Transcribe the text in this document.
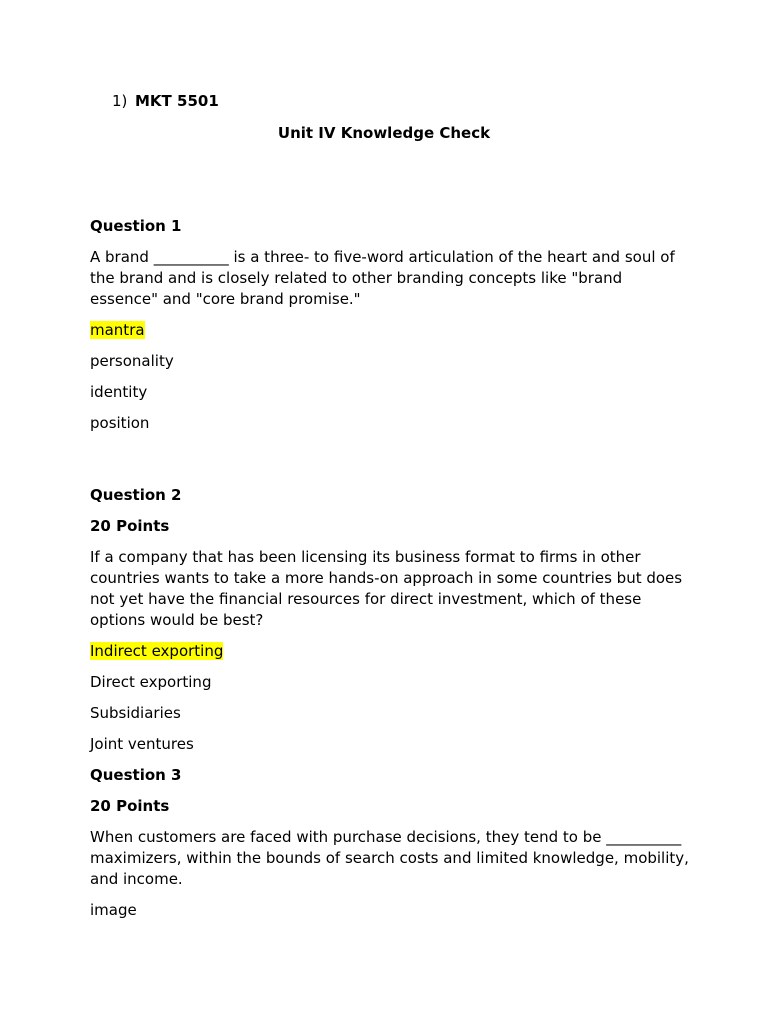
1) MKT 5501
Unit IV Knowledge Check

Question 1

A brand __________ is a three- to five-word articulation of the heart and soul of the brand and is closely related to other branding concepts like "brand essence" and "core brand promise."

mantra

personality

identity

position

Question 2

20 Points

If a company that has been licensing its business format to firms in other countries wants to take a more hands-on approach in some countries but does not yet have the financial resources for direct investment, which of these options would be best?

Indirect exporting

Direct exporting

Subsidiaries

Joint ventures

Question 3

20 Points

When customers are faced with purchase decisions, they tend to be __________ maximizers, within the bounds of search costs and limited knowledge, mobility, and income.

image
